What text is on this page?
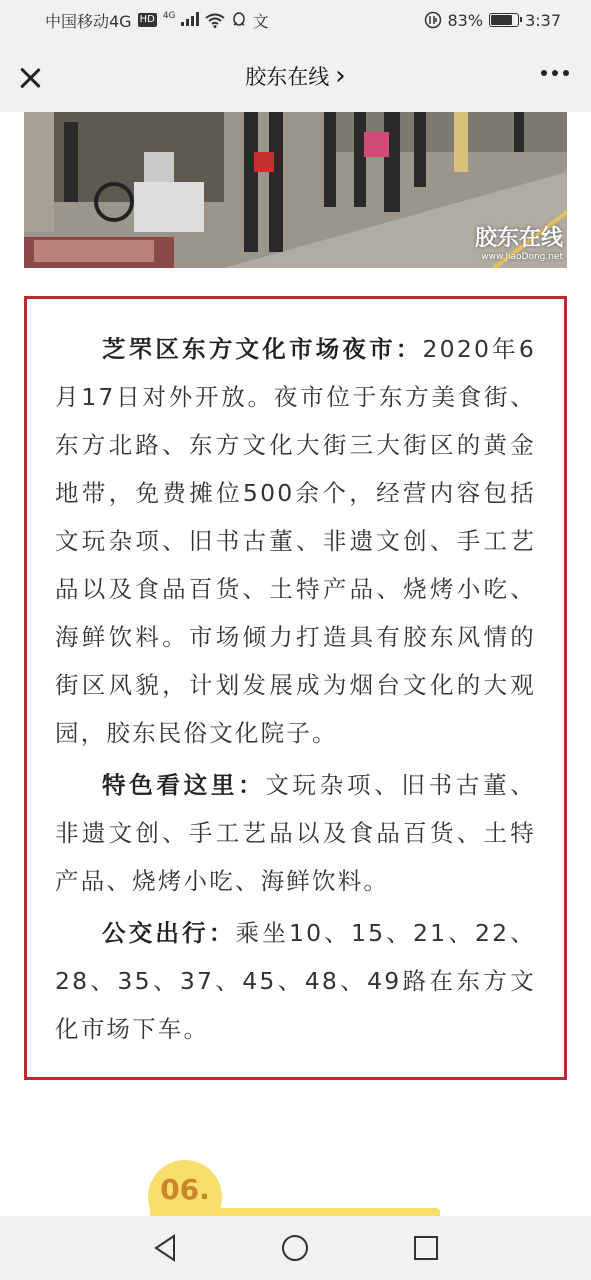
中国移动4G HD $^{4G}$	文	83%	3:37
胶东在线 ›
胶东在线
www.JiaoDong.net

芝罘区东方文化市场夜市：2020年6月17日对外开放。夜市位于东方美食街、东方北路、东方文化大街三大街区的黄金地带，免费摊位500余个，经营内容包括文玩杂项、旧书古董、非遗文创、手工艺品以及食品百货、土特产品、烧烤小吃、海鲜饮料。市场倾力打造具有胶东风情的街区风貌，计划发展成为烟台文化的大观园，胶东民俗文化院子。

特色看这里：文玩杂项、旧书古董、非遗文创、手工艺品以及食品百货、土特产品、烧烤小吃、海鲜饮料。

公交出行：乘坐10、15、21、22、28、35、37、45、48、49路在东方文化市场下车。

06.
